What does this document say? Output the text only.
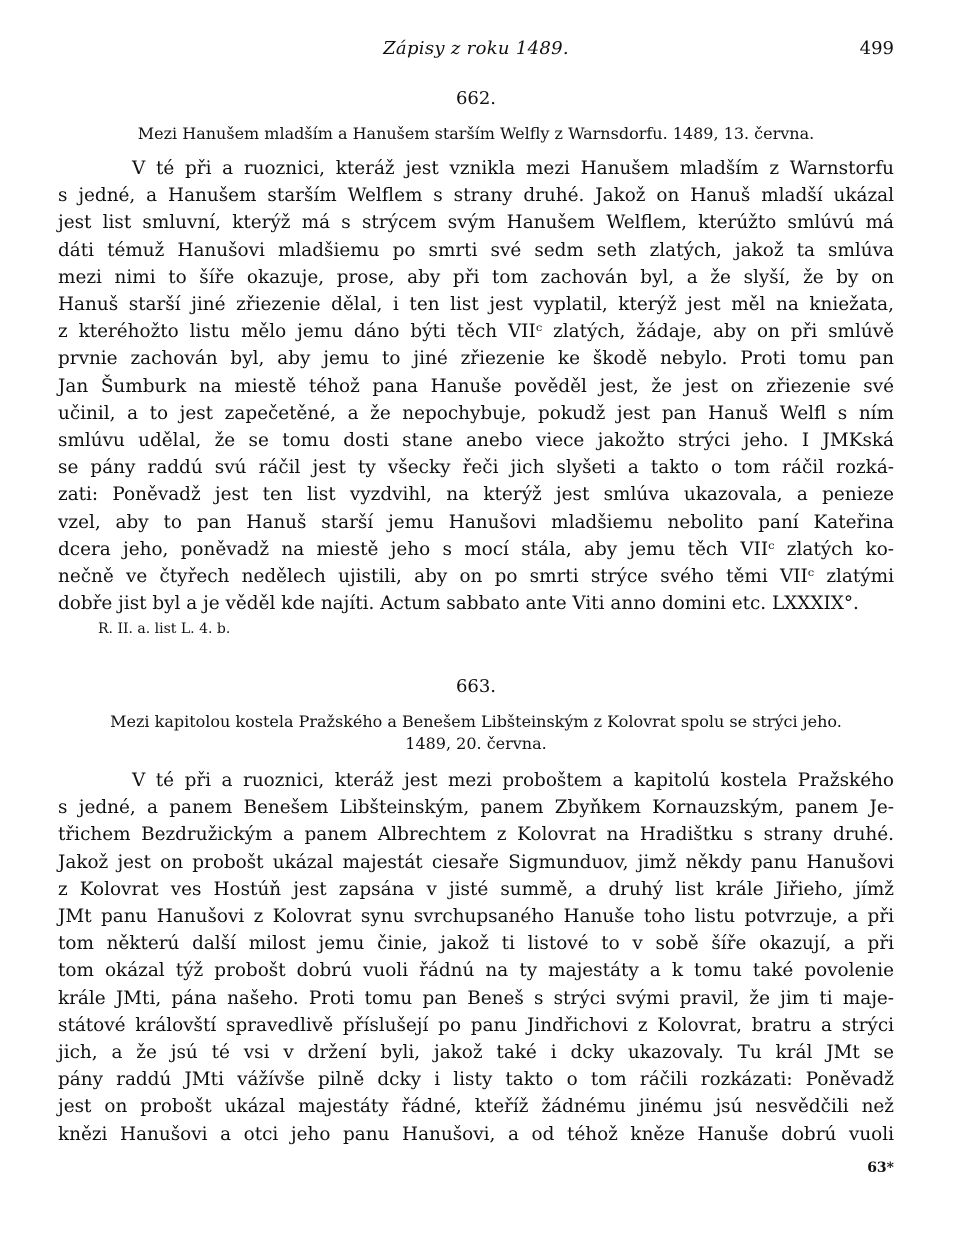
Zápisy z roku 1489.	499

662.

Mezi Hanušem mladším a Hanušem starším Welfly z Warnsdorfu. 1489, 13. června.

V té při a ruoznici, kteráž jest vznikla mezi Hanušem mladším z Warnstorfu
s jedné, a Hanušem starším Welflem s strany druhé. Jakož on Hanuš mladší ukázal
jest list smluvní, kterýž má s strýcem svým Hanušem Welflem, kterúžto smlúvú má
dáti témuž Hanušovi mladšiemu po smrti své sedm seth zlatých, jakož ta smlúva
mezi nimi to šíře okazuje, prose, aby při tom zachován byl, a že slyší, že by on
Hanuš starší jiné zřiezenie dělal, i ten list jest vyplatil, kterýž jest měl na kniežata,
z kteréhožto listu mělo jemu dáno býti těch VIIᶜ zlatých, žádaje, aby on při smlúvě
prvnie zachován byl, aby jemu to jiné zřiezenie ke škodě nebylo. Proti tomu pan
Jan Šumburk na miestě téhož pana Hanuše pověděl jest, že jest on zřiezenie své
učinil, a to jest zapečetěné, a že nepochybuje, pokudž jest pan Hanuš Welfl s ním
smlúvu udělal, že se tomu dosti stane anebo viece jakožto strýci jeho. I JMKská
se pány raddú svú ráčil jest ty všecky řeči jich slyšeti a takto o tom ráčil rozká-
zati: Poněvadž jest ten list vyzdvihl, na kterýž jest smlúva ukazovala, a penieze
vzel, aby to pan Hanuš starší jemu Hanušovi mladšiemu nebolito paní Kateřina
dcera jeho, poněvadž na miestě jeho s mocí stála, aby jemu těch VIIᶜ zlatých ko-
nečně ve čtyřech nedělech ujistili, aby on po smrti strýce svého těmi VIIᶜ zlatými
dobře jist byl a je věděl kde najíti. Actum sabbato ante Viti anno domini etc. LXXXIX°.

R. II. a. list L. 4. b.

663.

Mezi kapitolou kostela Pražského a Benešem Libšteinským z Kolovrat spolu se strýci jeho.

1489, 20. června.

V té při a ruoznici, kteráž jest mezi proboštem a kapitolú kostela Pražského
s jedné, a panem Benešem Libšteinským, panem Zbyňkem Kornauzským, panem Je-
třichem Bezdružickým a panem Albrechtem z Kolovrat na Hradištku s strany druhé.
Jakož jest on probošt ukázal majestát ciesaře Sigmunduov, jimž někdy panu Hanušovi
z Kolovrat ves Hostúň jest zapsána v jisté summě, a druhý list krále Jiřieho, jímž
JMt panu Hanušovi z Kolovrat synu svrchupsaného Hanuše toho listu potvrzuje, a při
tom některú další milost jemu činie, jakož ti listové to v sobě šíře okazují, a při
tom okázal týž probošt dobrú vuoli řádnú na ty majestáty a k tomu také povolenie
krále JMti, pána našeho. Proti tomu pan Beneš s strýci svými pravil, že jim ti maje-
státové královští spravedlivě příslušejí po panu Jindřichovi z Kolovrat, bratru a strýci
jich, a že jsú té vsi v držení byli, jakož také i dcky ukazovaly. Tu král JMt se
pány raddú JMti vážívše pilně dcky i listy takto o tom ráčili rozkázati: Poněvadž
jest on probošt ukázal majestáty řádné, kteříž žádnému jinému jsú nesvědčili než
knězi Hanušovi a otci jeho panu Hanušovi, a od téhož kněze Hanuše dobrú vuoli
63*
